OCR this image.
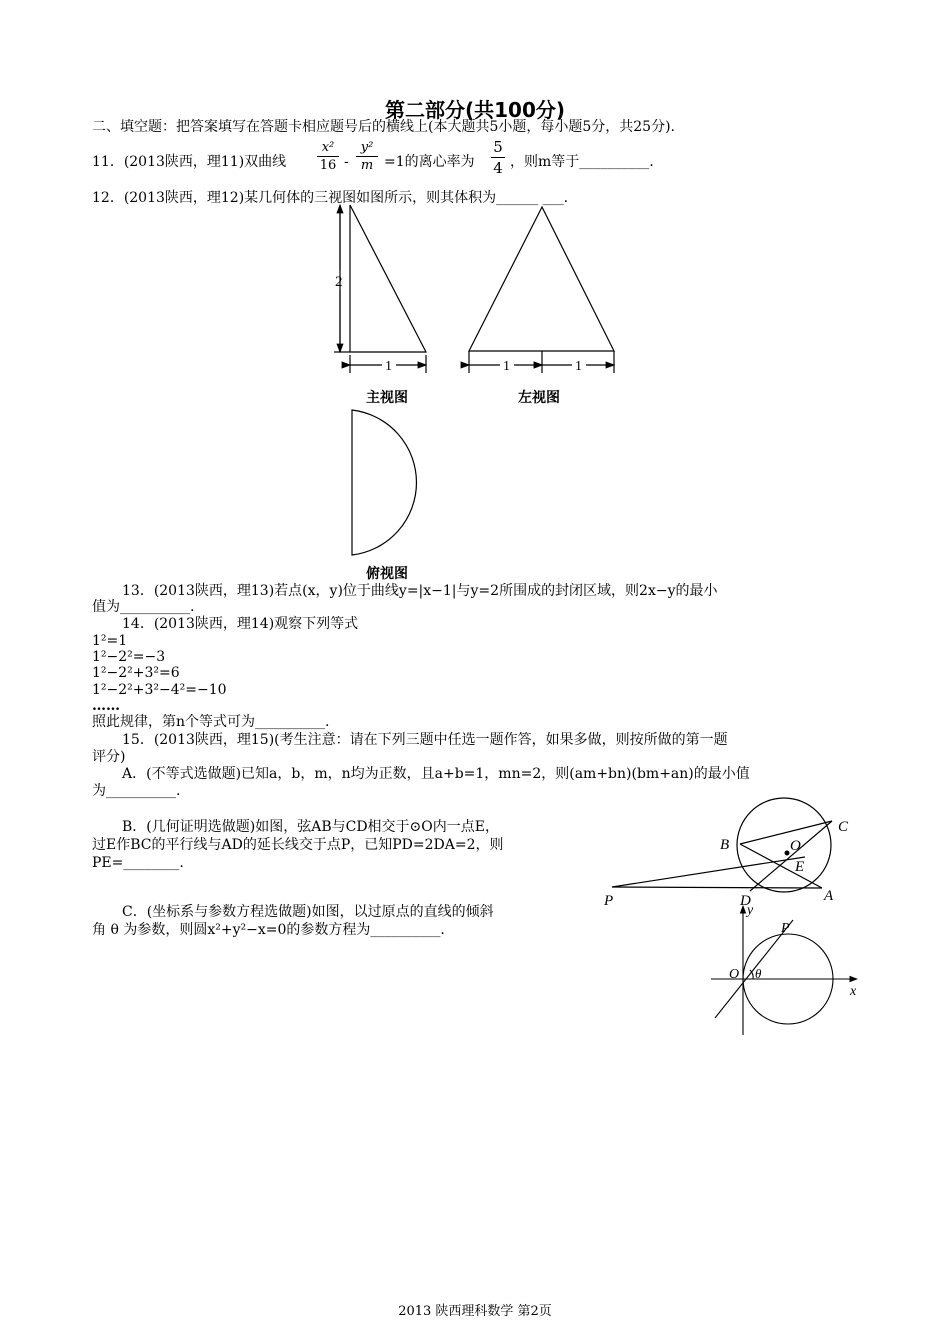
第二部分(共100分)
二、填空题：把答案填写在答题卡相应题号后的横线上(本大题共5小题，每小题5分，共25分).
11．(2013陕西，理11)双曲线
x²
16 -
y²
m =1的离心率为
5
4 ，则m等于__________.
12．(2013陕西，理12)某几何体的三视图如图所示，则其体积为______ ___.
2
1	1	1
主视图	左视图
俯视图
13．(2013陕西，理13)若点(x，y)位于曲线y=|x−1|与y=2所围成的封闭区域，则2x−y的最小
值为__________.
14．(2013陕西，理14)观察下列等式
1²=1
1²−2²=−3
1²−2²+3²=6
1²−2²+3²−4²=−10
……
照此规律，第n个等式可为__________.
15．(2013陕西，理15)(考生注意：请在下列三题中任选一题作答，如果多做，则按所做的第一题
评分)
A．(不等式选做题)已知a，b，m，n均为正数，且a+b=1，mn=2，则(am+bn)(bm+an)的最小值
为__________.
B．(几何证明选做题)如图，弦AB与CD相交于⊙O内一点E，
过E作BC的平行线与AD的延长线交于点P，已知PD=2DA=2，则
PE=________.
C．(坐标系与参数方程选做题)如图，以过原点的直线的倾斜
角 θ 为参数，则圆x²+y²−x=0的参数方程为__________.
B
C
O
E
P	D	A
y
x
O
P
θ
2013 陕西理科数学 第2页
